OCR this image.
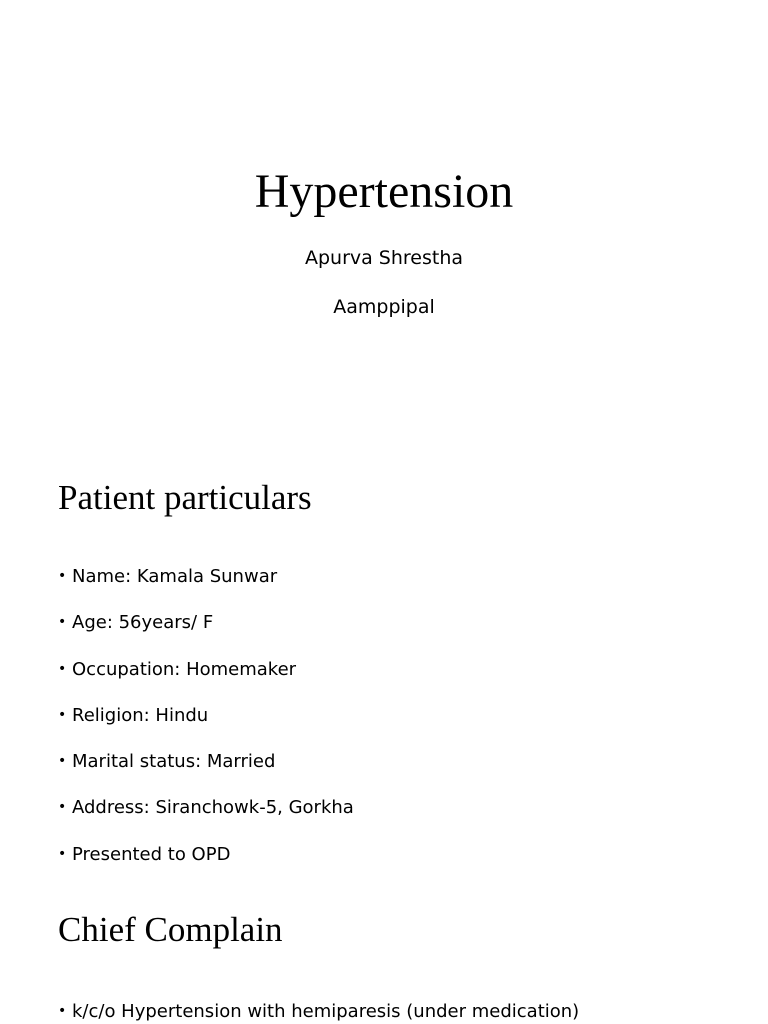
Hypertension

Apurva Shrestha

Aamppipal

Patient particulars
• Name: Kamala Sunwar
• Age: 56years/ F
• Occupation: Homemaker
• Religion: Hindu
• Marital status: Married
• Address: Siranchowk-5, Gorkha
• Presented to OPD
Chief Complain
• k/c/o Hypertension with hemiparesis (under medication)
